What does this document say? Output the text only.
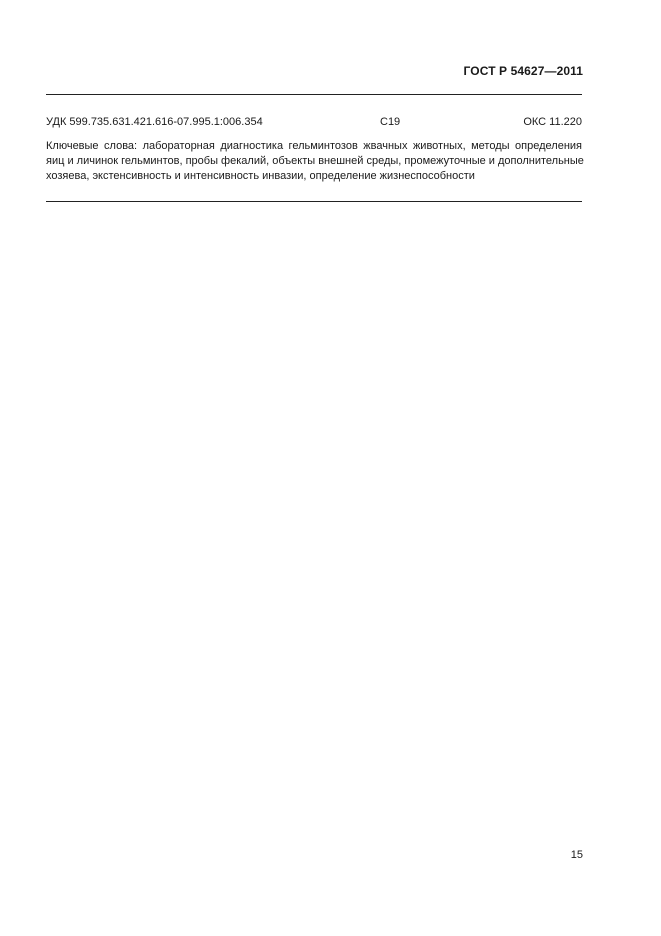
ГОСТ Р 54627—2011
УДК 599.735.631.421.616-07.995.1:006.354	С19	ОКС 11.220
Ключевые слова: лабораторная диагностика гельминтозов жвачных животных, методы определения
яиц и личинок гельминтов, пробы фекалий, объекты внешней среды, промежуточные и дополнительные
хозяева, экстенсивность и интенсивность инвазии, определение жизнеспособности
15
